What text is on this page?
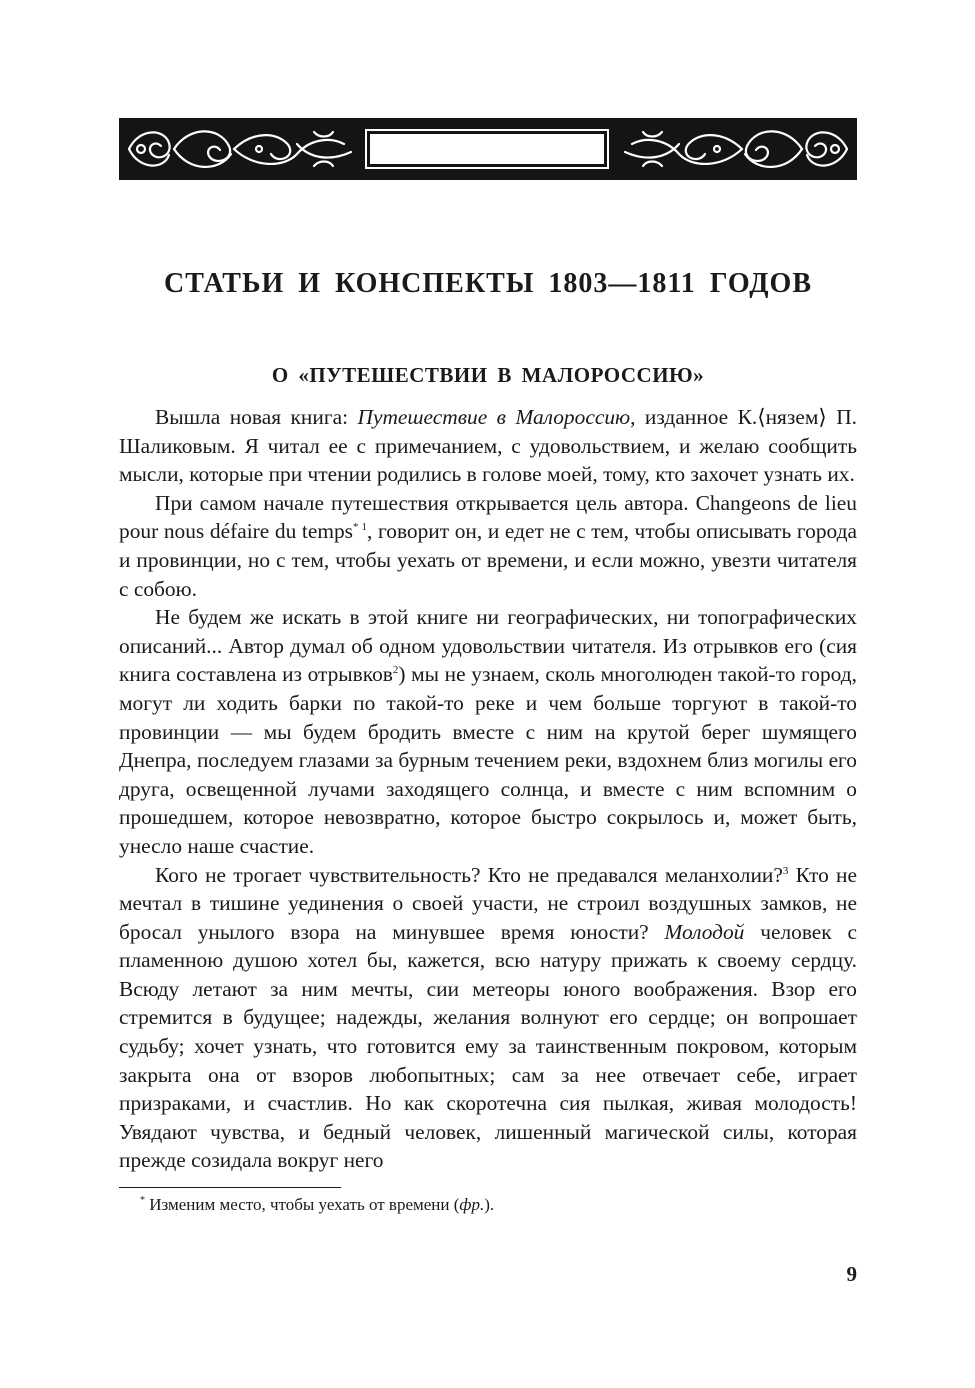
СТАТЬИ И КОНСПЕКТЫ 1803—1811 ГОДОВ
О «ПУТЕШЕСТВИИ В МАЛОРОССИЮ»

Вышла новая книга: Путешествие в Малороссию, изданное К.⟨нязем⟩ П. Шаликовым. Я читал ее с примечанием, с удовольствием, и желаю сообщить мысли, которые при чтении родились в голове моей, тому, кто захочет узнать их.

При самом начале путешествия открывается цель автора. Changeons de lieu pour nous défaire du temps$^{* 1}$, говорит он, и едет не с тем, чтобы описывать города и провинции, но с тем, чтобы уехать от времени, и если можно, увезти читателя с собою.

Не будем же искать в этой книге ни географических, ни топографических описаний... Автор думал об одном удовольствии читателя. Из отрывков его (сия книга составлена из отрывков$^2$) мы не узнаем, сколь многолюден такой-то город, могут ли ходить барки по такой-то реке и чем больше торгуют в такой-то провинции — мы будем бродить вместе с ним на крутой берег шумящего Днепра, последуем глазами за бурным течением реки, вздохнем близ могилы его друга, освещенной лучами заходящего солнца, и вместе с ним вспомним о прошедшем, которое невозвратно, которое быстро сокрылось и, может быть, унесло наше счастие.

Кого не трогает чувствительность? Кто не предавался меланхолии?$^3$ Кто не мечтал в тишине уединения о своей участи, не строил воздушных замков, не бросал унылого взора на минувшее время юности? Молодой человек с пламенною душою хотел бы, кажется, всю натуру прижать к своему сердцу. Всюду летают за ним мечты, сии метеоры юного воображения. Взор его стремится в будущее; надежды, желания волнуют его сердце; он вопрошает судьбу; хочет узнать, что готовится ему за таинственным покровом, которым закрыта она от взоров любопытных; сам за нее отвечает себе, играет призраками, и счастлив. Но как скоротечна сия пылкая, живая молодость! Увядают чувства, и бедный человек, лишенный магической силы, которая прежде созидала вокруг него

* Изменим место, чтобы уехать от времени (фр.).
9
